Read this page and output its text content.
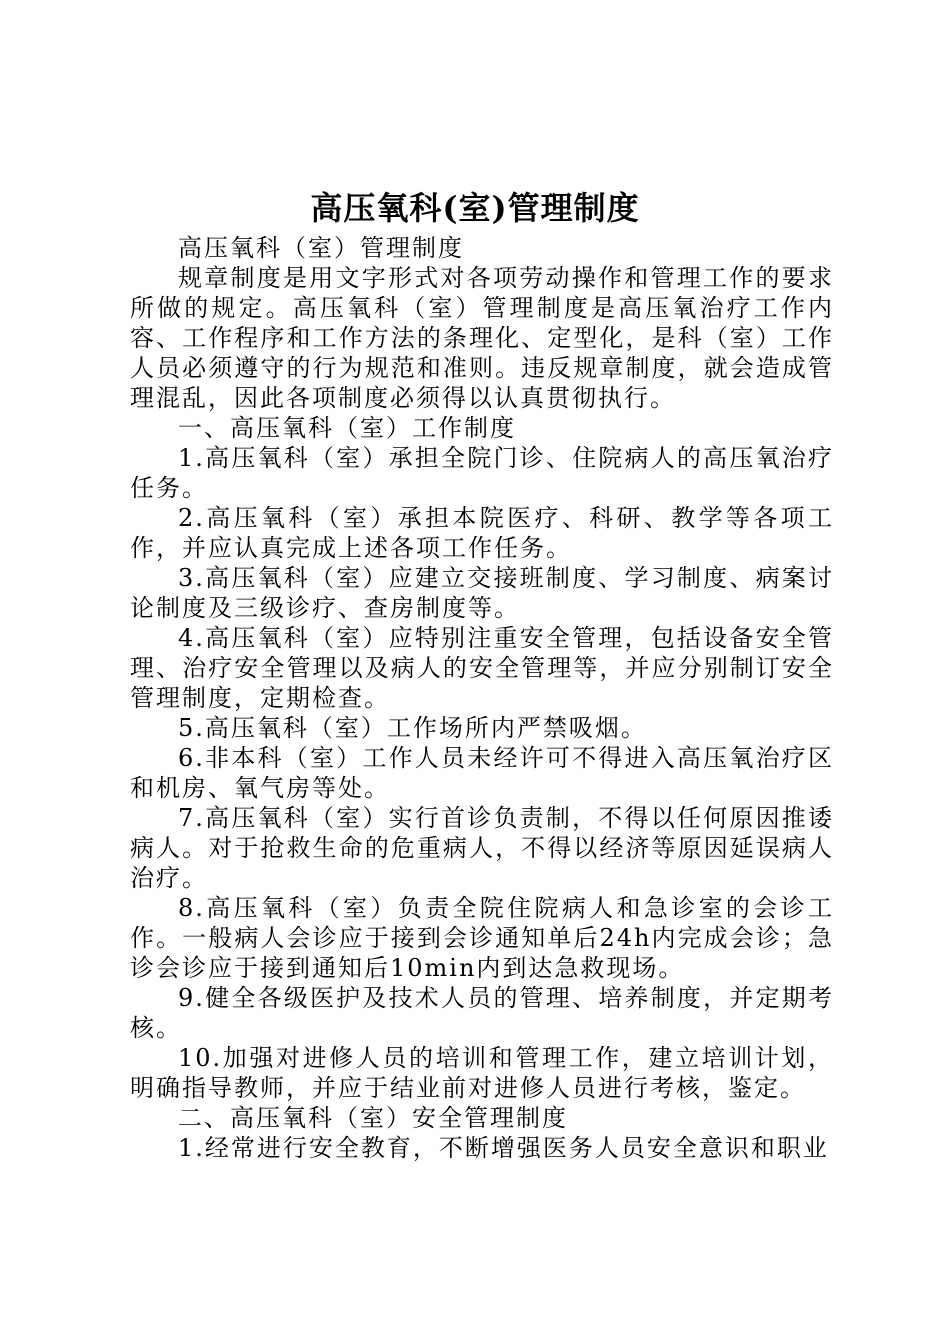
高压氧科(室)管理制度

高压氧科（室）管理制度

规章制度是用文字形式对各项劳动操作和管理工作的要求所做的规定。高压氧科（室）管理制度是高压氧治疗工作内容、工作程序和工作方法的条理化、定型化，是科（室）工作人员必须遵守的行为规范和准则。违反规章制度，就会造成管理混乱，因此各项制度必须得以认真贯彻执行。

一、高压氧科（室）工作制度

1.高压氧科（室）承担全院门诊、住院病人的高压氧治疗任务。

2.高压氧科（室）承担本院医疗、科研、教学等各项工作，并应认真完成上述各项工作任务。

3.高压氧科（室）应建立交接班制度、学习制度、病案讨论制度及三级诊疗、查房制度等。

4.高压氧科（室）应特别注重安全管理，包括设备安全管理、治疗安全管理以及病人的安全管理等，并应分别制订安全管理制度，定期检查。

5.高压氧科（室）工作场所内严禁吸烟。

6.非本科（室）工作人员未经许可不得进入高压氧治疗区和机房、氧气房等处。

7.高压氧科（室）实行首诊负责制，不得以任何原因推诿病人。对于抢救生命的危重病人，不得以经济等原因延误病人治疗。

8.高压氧科（室）负责全院住院病人和急诊室的会诊工作。一般病人会诊应于接到会诊通知单后24h内完成会诊；急诊会诊应于接到通知后10min内到达急救现场。

9.健全各级医护及技术人员的管理、培养制度，并定期考核。

10.加强对进修人员的培训和管理工作，建立培训计划，明确指导教师，并应于结业前对进修人员进行考核，鉴定。

二、高压氧科（室）安全管理制度

1.经常进行安全教育，不断增强医务人员安全意识和职业
